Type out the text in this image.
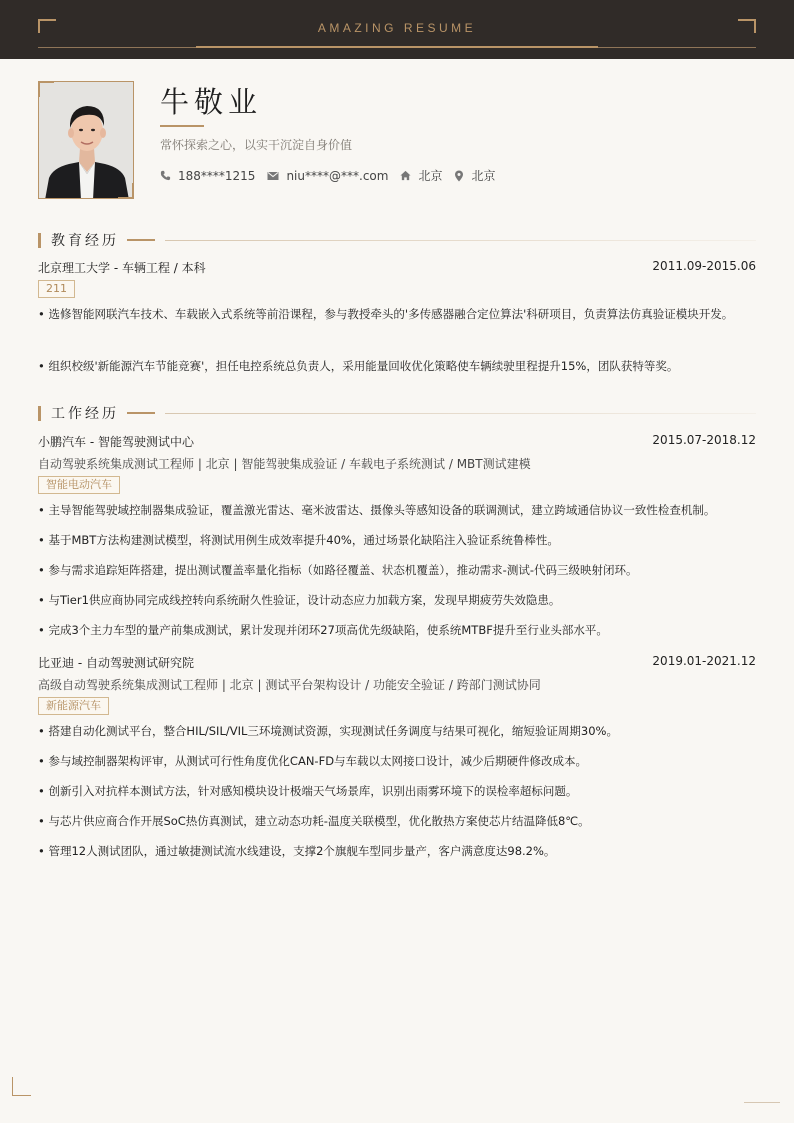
AMAZING RESUME
牛敬业
常怀探索之心，以实干沉淀自身价值
188****1215	niu****@***.com	北京 北京
教育经历
北京理工大学 - 车辆工程 / 本科	2011.09-2015.06
211
• 选修智能网联汽车技术、车载嵌入式系统等前沿课程，参与教授牵头的'多传感器融合定位算法'科研项目，负责算法仿真验证模块开发。
• 组织校级'新能源汽车节能竞赛'，担任电控系统总负责人，采用能量回收优化策略使车辆续驶里程提升15%，团队获特等奖。
工作经历
小鹏汽车 - 智能驾驶测试中心	2015.07-2018.12
自动驾驶系统集成测试工程师 | 北京 | 智能驾驶集成验证 / 车载电子系统测试 / MBT测试建模
智能电动汽车
• 主导智能驾驶域控制器集成验证，覆盖激光雷达、毫米波雷达、摄像头等感知设备的联调测试，建立跨域通信协议一致性检查机制。
• 基于MBT方法构建测试模型，将测试用例生成效率提升40%，通过场景化缺陷注入验证系统鲁棒性。
• 参与需求追踪矩阵搭建，提出测试覆盖率量化指标（如路径覆盖、状态机覆盖），推动需求-测试-代码三级映射闭环。
• 与Tier1供应商协同完成线控转向系统耐久性验证，设计动态应力加载方案，发现早期疲劳失效隐患。
• 完成3个主力车型的量产前集成测试，累计发现并闭环27项高优先级缺陷，使系统MTBF提升至行业头部水平。
比亚迪 - 自动驾驶测试研究院	2019.01-2021.12
高级自动驾驶系统集成测试工程师 | 北京 | 测试平台架构设计 / 功能安全验证 / 跨部门测试协同
新能源汽车
• 搭建自动化测试平台，整合HIL/SIL/VIL三环境测试资源，实现测试任务调度与结果可视化，缩短验证周期30%。
• 参与域控制器架构评审，从测试可行性角度优化CAN-FD与车载以太网接口设计，减少后期硬件修改成本。
• 创新引入对抗样本测试方法，针对感知模块设计极端天气场景库，识别出雨雾环境下的误检率超标问题。
• 与芯片供应商合作开展SoC热仿真测试，建立动态功耗-温度关联模型，优化散热方案使芯片结温降低8℃。
• 管理12人测试团队，通过敏捷测试流水线建设，支撑2个旗舰车型同步量产，客户满意度达98.2%。
